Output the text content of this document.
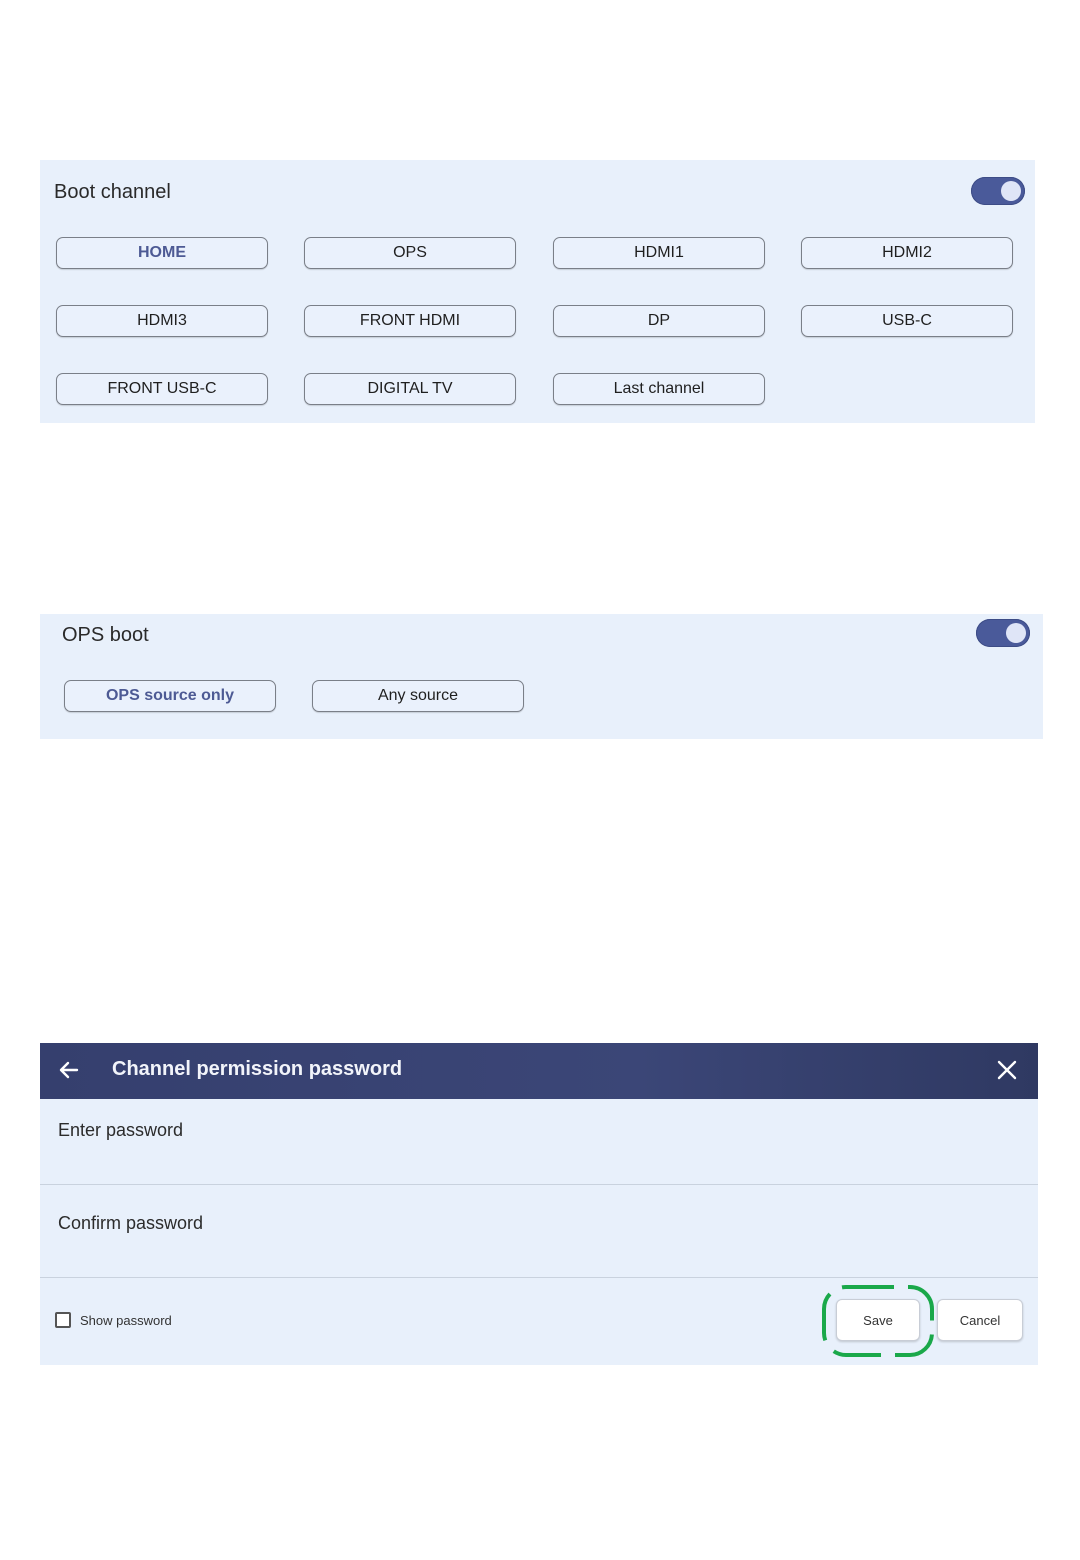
Boot channel
HOME	OPS	HDMI1	HDMI2
HDMI3	FRONT HDMI	DP	USB-C
FRONT USB-C	DIGITAL TV	Last channel
OPS boot
OPS source only	Any source
Channel permission password
Enter password
Confirm password
Show password	Save	Cancel
